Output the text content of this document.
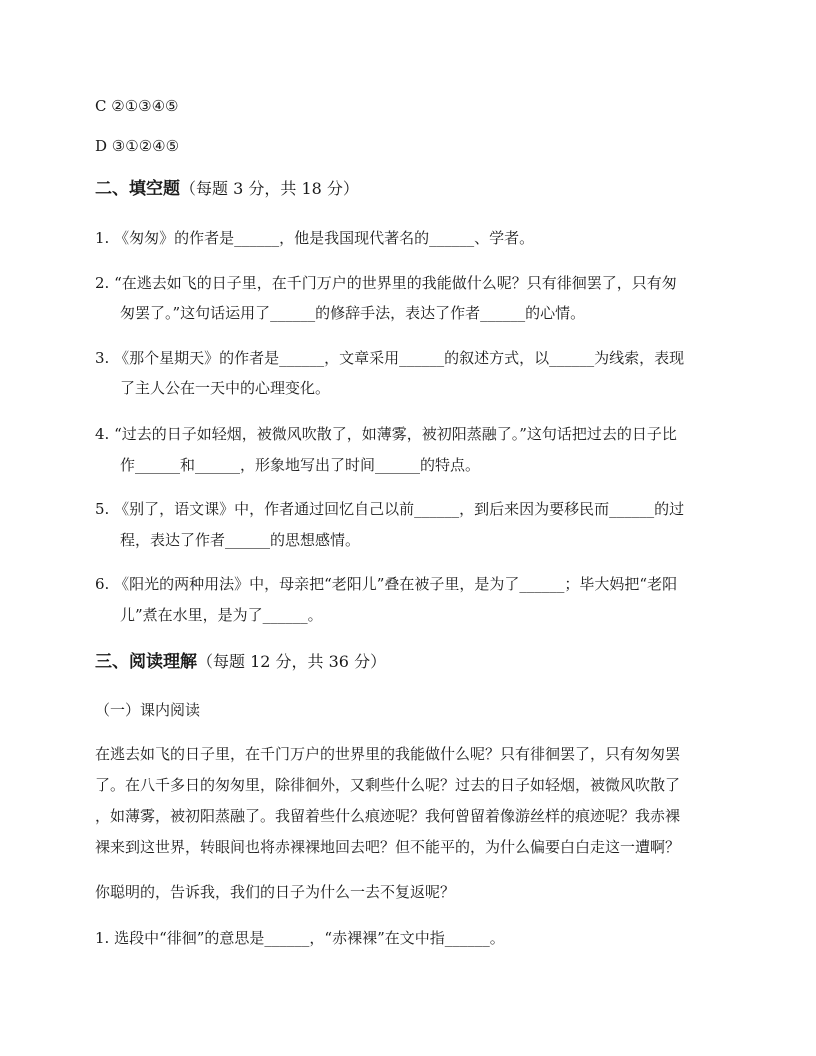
C ②①③④⑤
D ③①②④⑤
二、填空题（每题 3 分，共 18 分）
1. 《匆匆》的作者是______，他是我国现代著名的______、学者。
2. “在逃去如飞的日子里，在千门万户的世界里的我能做什么呢？只有徘徊罢了，只有匆
匆罢了。”这句话运用了______的修辞手法，表达了作者______的心情。
3. 《那个星期天》的作者是______，文章采用______的叙述方式，以______为线索，表现
了主人公在一天中的心理变化。
4. “过去的日子如轻烟，被微风吹散了，如薄雾，被初阳蒸融了。”这句话把过去的日子比
作______和______，形象地写出了时间______的特点。
5. 《别了，语文课》中，作者通过回忆自己以前______，到后来因为要移民而______的过
程，表达了作者______的思想感情。
6. 《阳光的两种用法》中，母亲把“老阳儿”叠在被子里，是为了______；毕大妈把“老阳
儿”煮在水里，是为了______。
三、阅读理解（每题 12 分，共 36 分）
（一）课内阅读
在逃去如飞的日子里，在千门万户的世界里的我能做什么呢？只有徘徊罢了，只有匆匆罢
了。在八千多日的匆匆里，除徘徊外，又剩些什么呢？过去的日子如轻烟，被微风吹散了
，如薄雾，被初阳蒸融了。我留着些什么痕迹呢？我何曾留着像游丝样的痕迹呢？我赤裸
裸来到这世界，转眼间也将赤裸裸地回去吧？但不能平的，为什么偏要白白走这一遭啊？
你聪明的，告诉我，我们的日子为什么一去不复返呢？
1. 选段中“徘徊”的意思是______，“赤裸裸”在文中指______。
